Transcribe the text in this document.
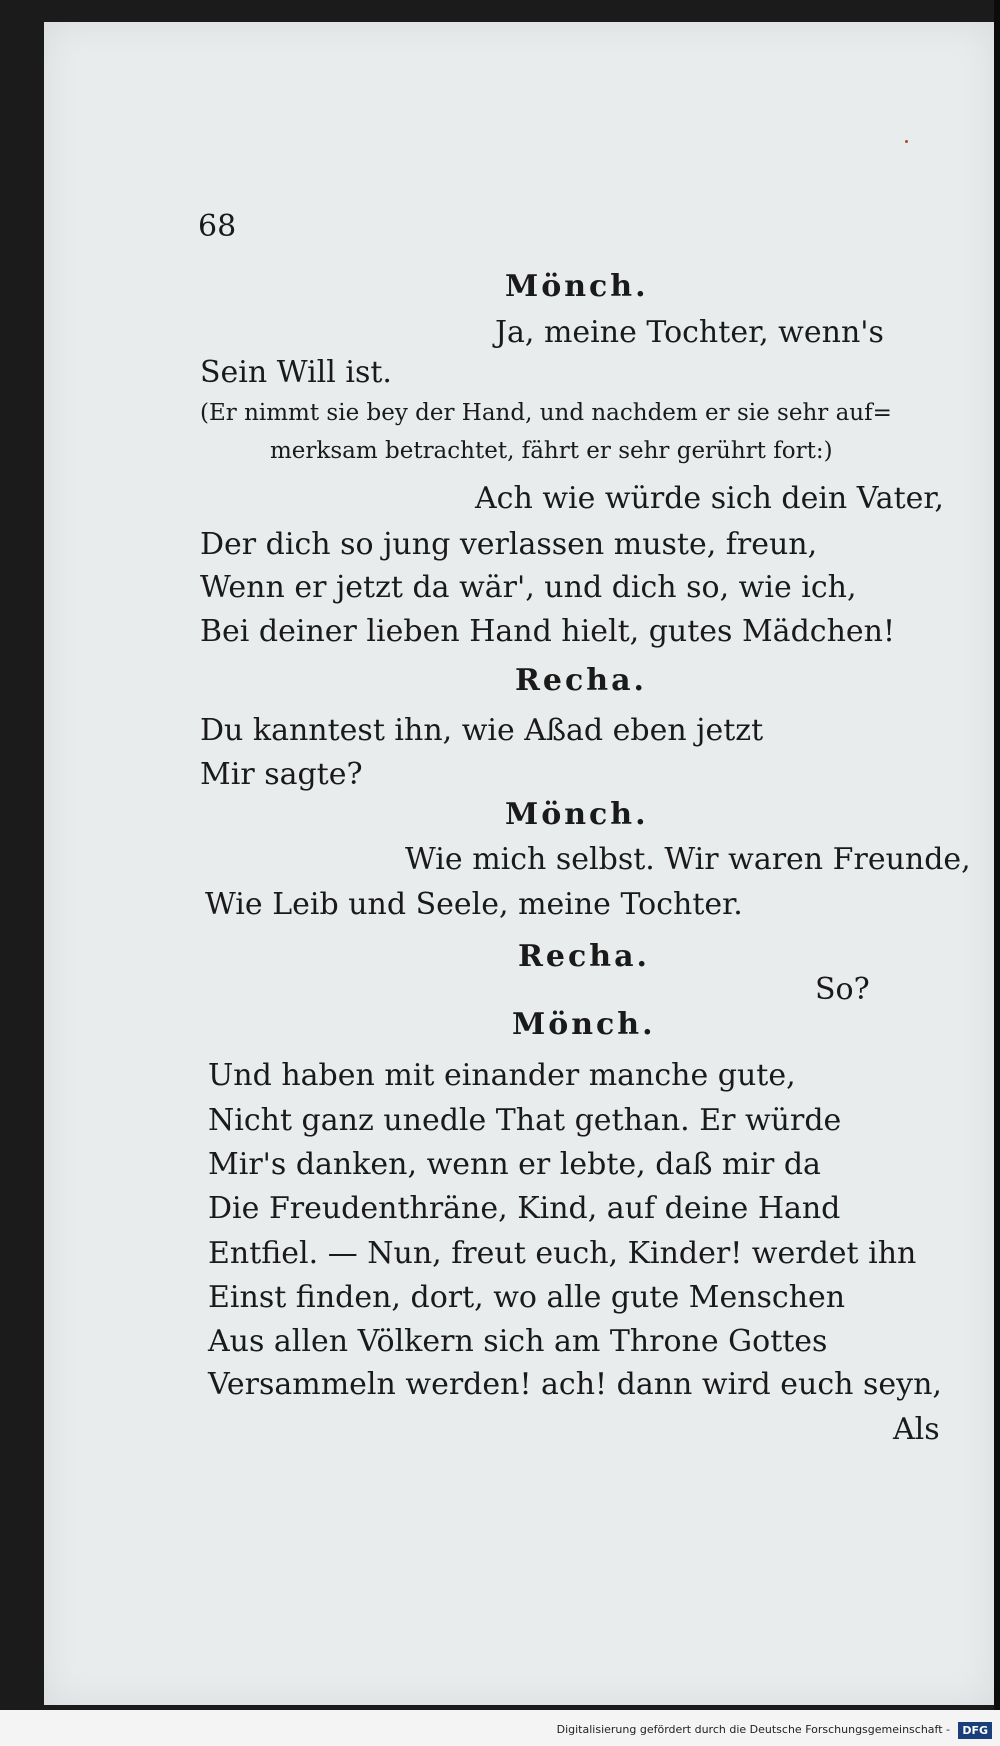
68
Mönch.
Ja, meine Tochter, wenn's
Sein Will ist.
(Er nimmt sie bey der Hand, und nachdem er sie sehr auf=
merksam betrachtet, fährt er sehr gerührt fort:)
Ach wie würde sich dein Vater,
Der dich so jung verlassen muste, freun,
Wenn er jetzt da wär', und dich so, wie ich,
Bei deiner lieben Hand hielt, gutes Mädchen!
Recha.
Du kanntest ihn, wie Aßad eben jetzt
Mir sagte?
Mönch.
Wie mich selbst. Wir waren Freunde,
Wie Leib und Seele, meine Tochter.
Recha.
So?
Mönch.
Und haben mit einander manche gute,
Nicht ganz unedle That gethan. Er würde
Mir's danken, wenn er lebte, daß mir da
Die Freudenthräne, Kind, auf deine Hand
Entfiel. — Nun, freut euch, Kinder! werdet ihn
Einst finden, dort, wo alle gute Menschen
Aus allen Völkern sich am Throne Gottes
Versammeln werden! ach! dann wird euch seyn,
Als
Digitalisierung gefördert durch die Deutsche Forschungsgemeinschaft -	DFG
